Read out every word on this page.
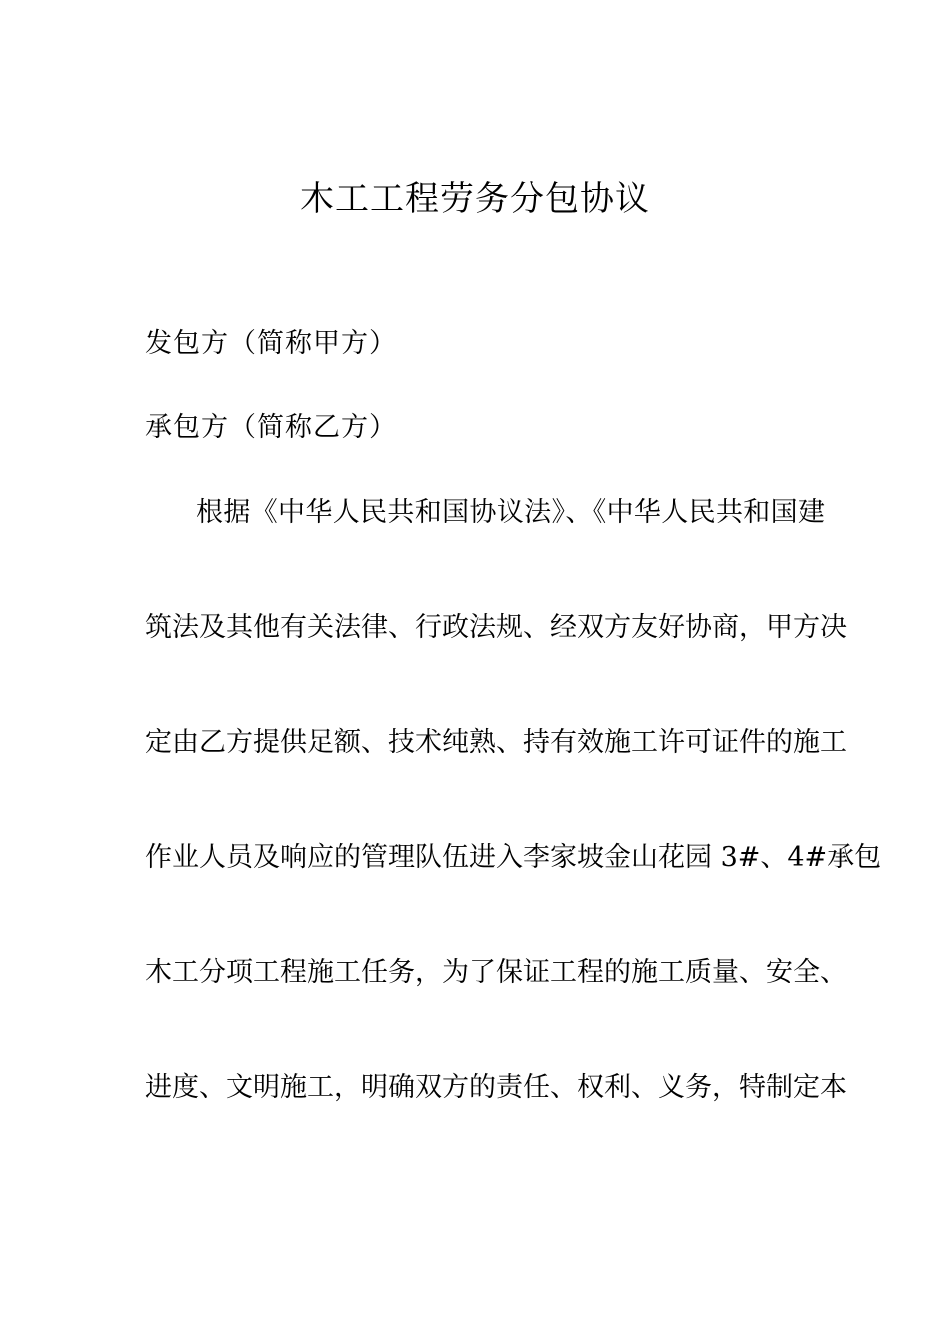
木工工程劳务分包协议
发包方（简称甲方）
承包方（简称乙方）
根据《中华人民共和国协议法》、《中华人民共和国建
筑法及其他有关法律、行政法规、经双方友好协商，甲方决
定由乙方提供足额、技术纯熟、持有效施工许可证件的施工
作业人员及响应的管理队伍进入李家坡金山花园 3#、4#承包
木工分项工程施工任务，为了保证工程的施工质量、安全、
进度、文明施工，明确双方的责任、权利、义务，特制定本
